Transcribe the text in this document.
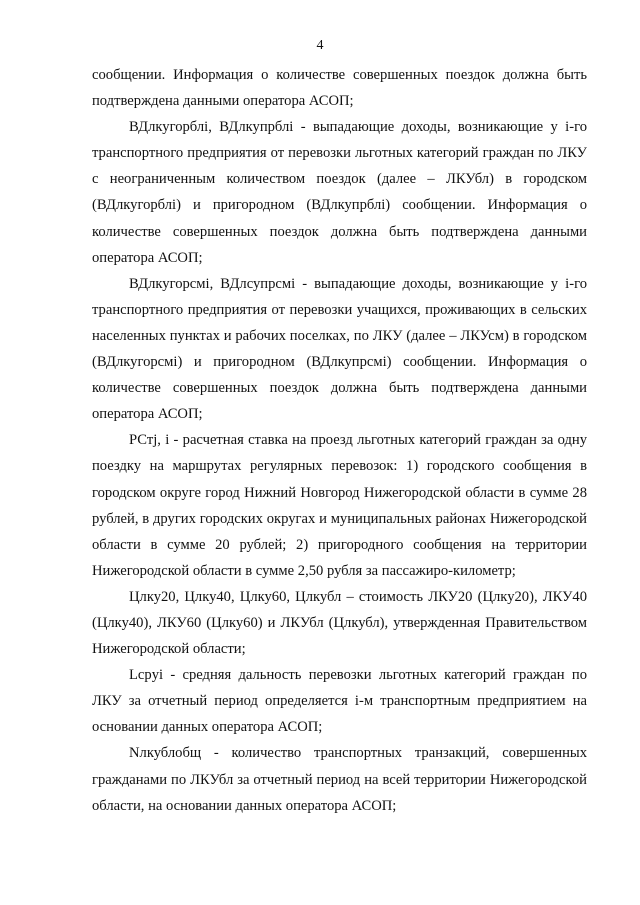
4

сообщении. Информация о количестве совершенных поездок должна быть подтверждена данными оператора АСОП;

ВДлкугорблi, ВДлкупрблi - выпадающие доходы, возникающие у i-го транспортного предприятия от перевозки льготных категорий граждан по ЛКУ с неограниченным количеством поездок (далее – ЛКУбл) в городском (ВДлкугорблi) и пригородном (ВДлкупрблi) сообщении. Информация о количестве совершенных поездок должна быть подтверждена данными оператора АСОП;

ВДлкугорсмi, ВДлсупрсмi - выпадающие доходы, возникающие у i-го транспортного предприятия от перевозки учащихся, проживающих в сельских населенных пунктах и рабочих поселках, по ЛКУ (далее – ЛКУсм) в городском (ВДлкугорсмi) и пригородном (ВДлкупрсмi) сообщении. Информация о количестве совершенных поездок должна быть подтверждена данными оператора АСОП;

РСтj, i - расчетная ставка на проезд льготных категорий граждан за одну поездку на маршрутах регулярных перевозок: 1) городского сообщения в городском округе город Нижний Новгород Нижегородской области в сумме 28 рублей, в других городских округах и муниципальных районах Нижегородской области в сумме 20 рублей; 2) пригородного сообщения на территории Нижегородской области в сумме 2,50 рубля за пассажиро-километр;

Цлку20, Цлку40, Цлку60, Цлкубл – стоимость ЛКУ20 (Цлку20), ЛКУ40 (Цлку40), ЛКУ60 (Цлку60) и ЛКУбл (Цлкубл), утвержденная Правительством Нижегородской области;

Lсpуi - средняя дальность перевозки льготных категорий граждан по ЛКУ за отчетный период определяется i-м транспортным предприятием на основании данных оператора АСОП;

Nлкублобщ - количество транспортных транзакций, совершенных гражданами по ЛКУбл за отчетный период на всей территории Нижегородской области, на основании данных оператора АСОП;
